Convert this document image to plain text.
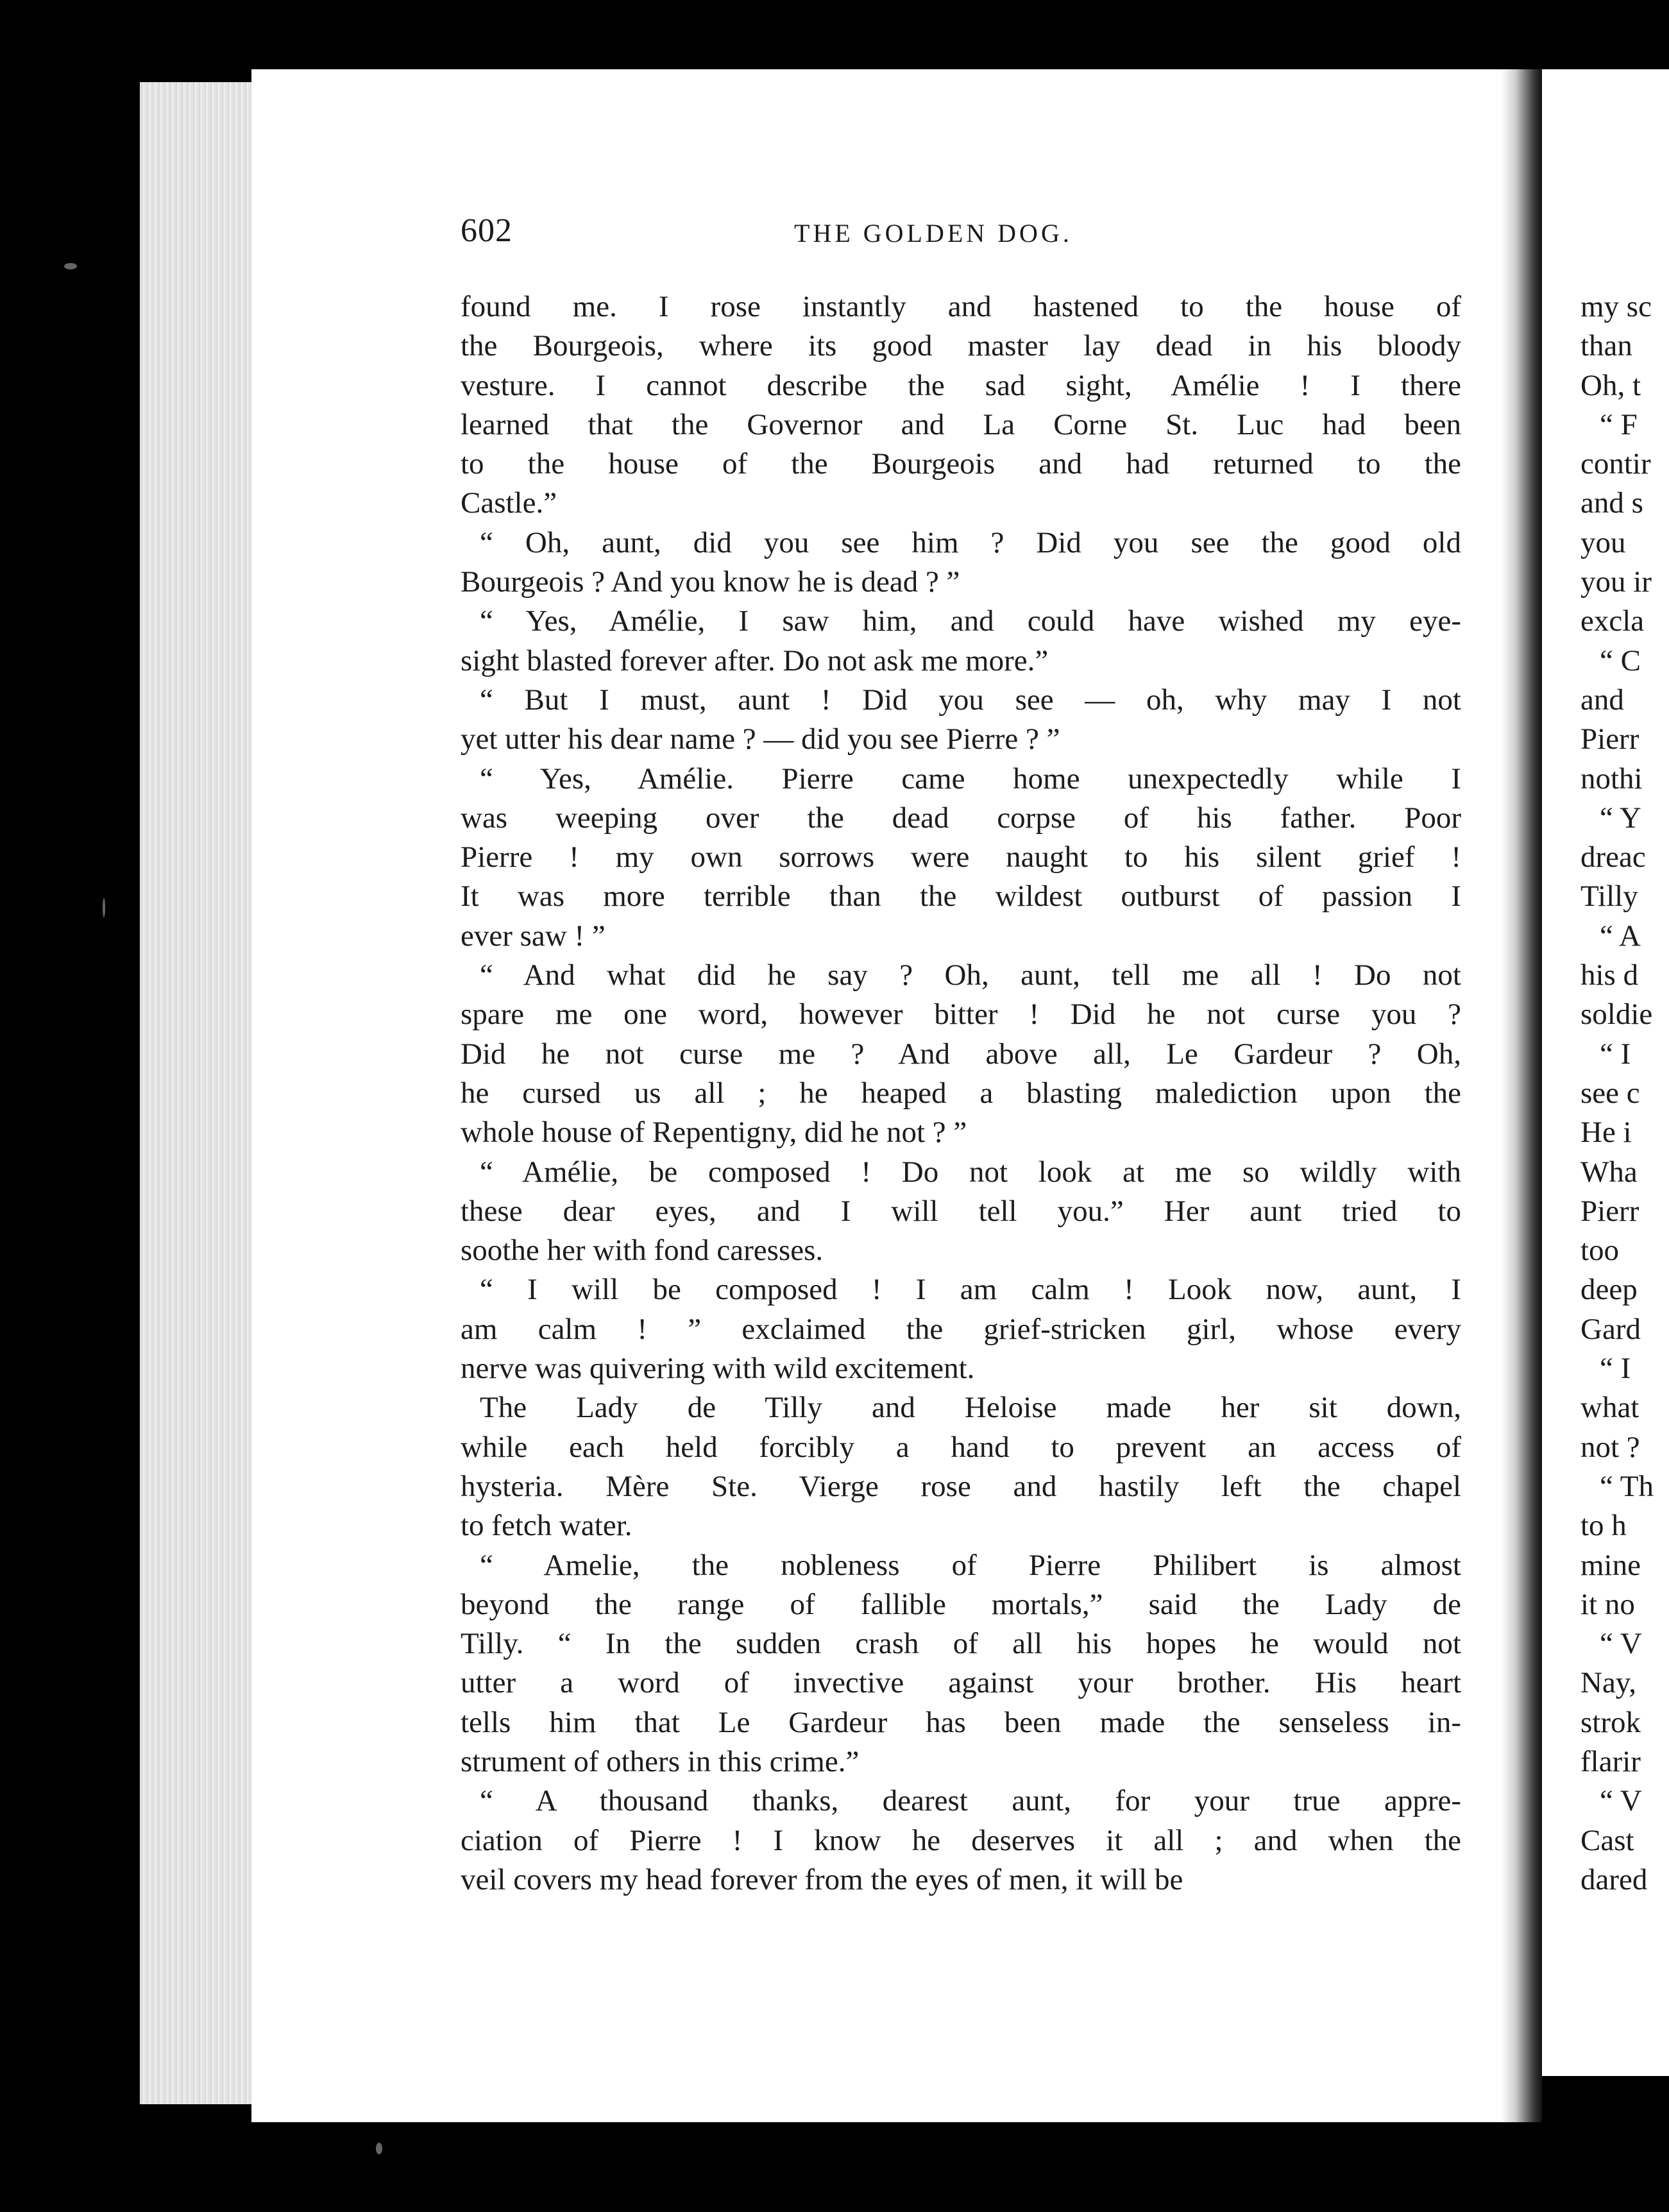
my sc
than
Oh, t
“ F
contir
and s
you
you ir
excla
“ C
and
Pierr
nothi
“ Y
dreac
Tilly
“ A
his d
soldie
“ I
see c
He i
Wha
Pierr
too
deep
Gard
“ I
what
not ?
“ Th
to h
mine
it no
“ V
Nay,
strok
flarir
“ V
Cast
dared
602	THE GOLDEN DOG.
found me. I rose instantly and hastened to the house of
the Bourgeois, where its good master lay dead in his bloody
vesture. I cannot describe the sad sight, Amélie ! I there
learned that the Governor and La Corne St. Luc had been
to the house of the Bourgeois and had returned to the
Castle.”
“ Oh, aunt, did you see him ? Did you see the good old
Bourgeois ? And you know he is dead ? ”
“ Yes, Amélie, I saw him, and could have wished my eye-
sight blasted forever after. Do not ask me more.”
“ But I must, aunt ! Did you see — oh, why may I not
yet utter his dear name ? — did you see Pierre ? ”
“ Yes, Amélie. Pierre came home unexpectedly while I
was weeping over the dead corpse of his father. Poor
Pierre ! my own sorrows were naught to his silent grief !
It was more terrible than the wildest outburst of passion I
ever saw ! ”
“ And what did he say ? Oh, aunt, tell me all ! Do not
spare me one word, however bitter ! Did he not curse you ?
Did he not curse me ? And above all, Le Gardeur ? Oh,
he cursed us all ; he heaped a blasting malediction upon the
whole house of Repentigny, did he not ? ”
“ Amélie, be composed ! Do not look at me so wildly with
these dear eyes, and I will tell you.” Her aunt tried to
soothe her with fond caresses.
“ I will be composed ! I am calm ! Look now, aunt, I
am calm ! ” exclaimed the grief-stricken girl, whose every
nerve was quivering with wild excitement.
The Lady de Tilly and Heloise made her sit down,
while each held forcibly a hand to prevent an access of
hysteria. Mère Ste. Vierge rose and hastily left the chapel
to fetch water.
“ Amelie, the nobleness of Pierre Philibert is almost
beyond the range of fallible mortals,” said the Lady de
Tilly. “ In the sudden crash of all his hopes he would not
utter a word of invective against your brother. His heart
tells him that Le Gardeur has been made the senseless in-
strument of others in this crime.”
“ A thousand thanks, dearest aunt, for your true appre-
ciation of Pierre ! I know he deserves it all ; and when the
veil covers my head forever from the eyes of men, it will be
